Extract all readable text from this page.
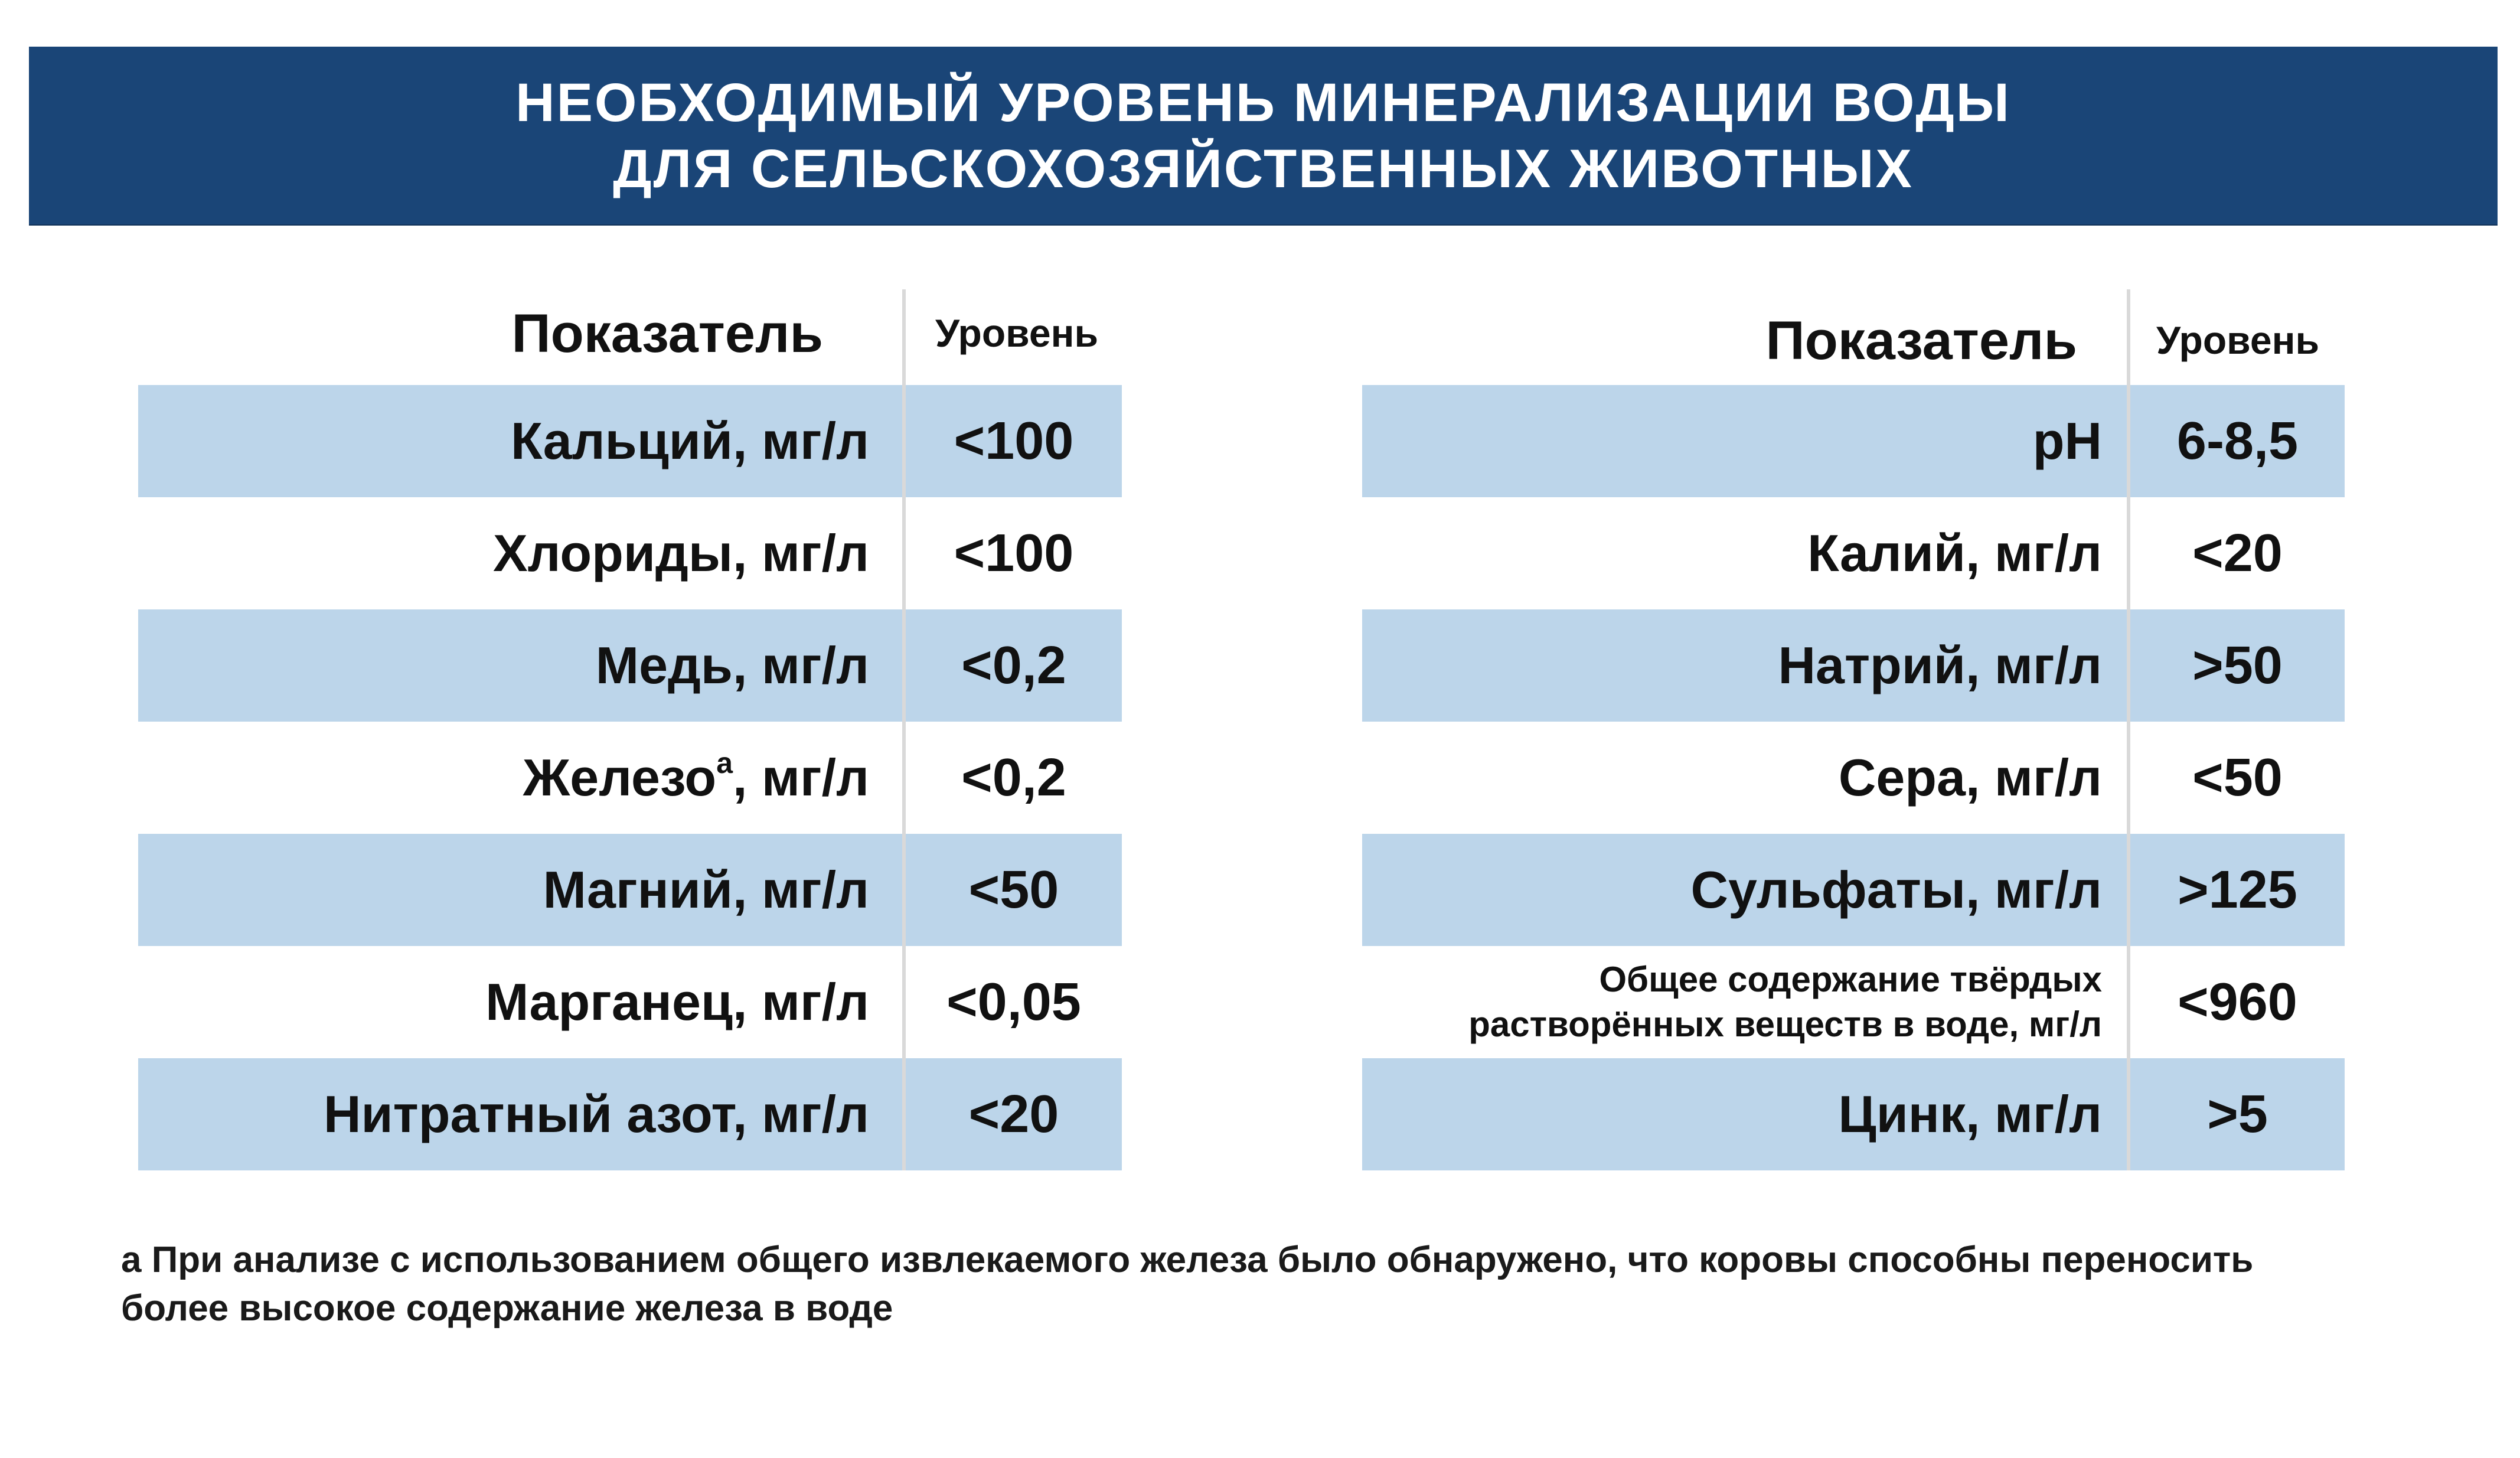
НЕОБХОДИМЫЙ УРОВЕНЬ МИНЕРАЛИЗАЦИИ ВОДЫ
ДЛЯ СЕЛЬСКОХОЗЯЙСТВЕННЫХ ЖИВОТНЫХ
Показатель	Уровень
Кальций, мг/л <100
Хлориды, мг/л <100
Медь, мг/л <0,2
Железо$^a$, мг/л <0,2
Магний, мг/л <50
Марганец, мг/л <0,05
Нитратный азот, мг/л <20
Показатель Уровень
pH 6-8,5
Калий, мг/л <20
Натрий, мг/л >50
Сера, мг/л <50
Сульфаты, мг/л >125
Общее содержание твёрдых растворённых веществ в воде, мг/л <960
Цинк, мг/л >5
а При анализе с использованием общего извлекаемого железа было обнаружено, что коровы способны переносить более высокое содержание железа в воде
